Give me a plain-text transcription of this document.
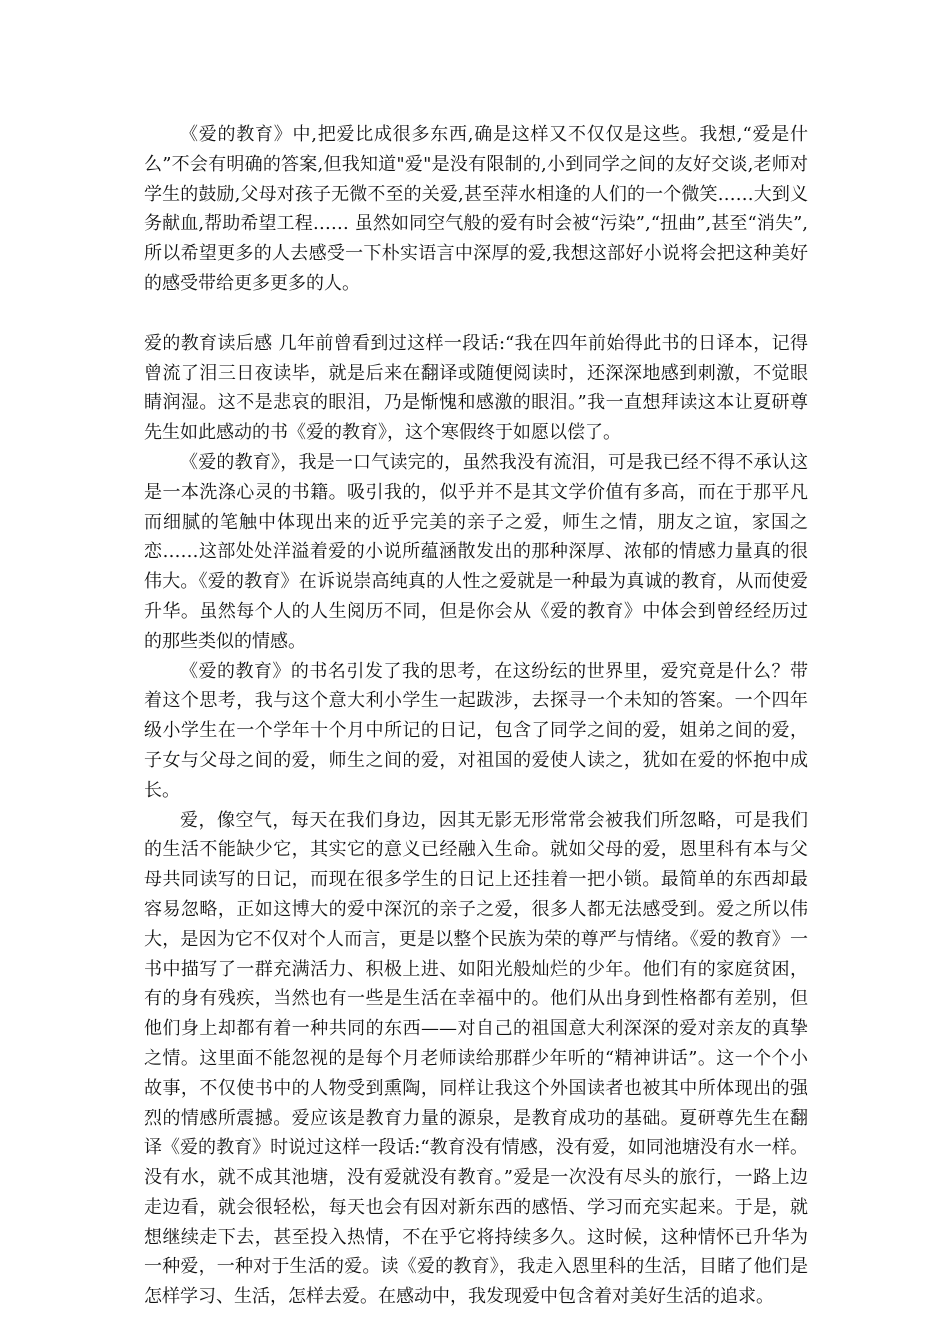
《爱的教育》中,把爱比成很多东西,确是这样又不仅仅是这些。我想,“爱是什么”不会有明确的答案,但我知道"爱"是没有限制的,小到同学之间的友好交谈,老师对学生的鼓励,父母对孩子无微不至的关爱,甚至萍水相逢的人们的一个微笑……大到义务献血,帮助希望工程…… 虽然如同空气般的爱有时会被“污染”,“扭曲”,甚至“消失”,所以希望更多的人去感受一下朴实语言中深厚的爱,我想这部好小说将会把这种美好的感受带给更多更多的人。

爱的教育读后感 几年前曾看到过这样一段话:“我在四年前始得此书的日译本，记得曾流了泪三日夜读毕，就是后来在翻译或随便阅读时，还深深地感到刺激，不觉眼睛润湿。这不是悲哀的眼泪，乃是惭愧和感激的眼泪。”我一直想拜读这本让夏研尊先生如此感动的书《爱的教育》，这个寒假终于如愿以偿了。

《爱的教育》，我是一口气读完的，虽然我没有流泪，可是我已经不得不承认这是一本洗涤心灵的书籍。吸引我的，似乎并不是其文学价值有多高，而在于那平凡而细腻的笔触中体现出来的近乎完美的亲子之爱，师生之情，朋友之谊，家国之恋……这部处处洋溢着爱的小说所蕴涵散发出的那种深厚、浓郁的情感力量真的很伟大。《爱的教育》在诉说崇高纯真的人性之爱就是一种最为真诚的教育，从而使爱升华。虽然每个人的人生阅历不同，但是你会从《爱的教育》中体会到曾经经历过的那些类似的情感。

《爱的教育》的书名引发了我的思考，在这纷纭的世界里，爱究竟是什么？带着这个思考，我与这个意大利小学生一起跋涉，去探寻一个未知的答案。一个四年级小学生在一个学年十个月中所记的日记，包含了同学之间的爱，姐弟之间的爱，子女与父母之间的爱，师生之间的爱，对祖国的爱使人读之，犹如在爱的怀抱中成长。

爱，像空气，每天在我们身边，因其无影无形常常会被我们所忽略，可是我们的生活不能缺少它，其实它的意义已经融入生命。就如父母的爱，恩里科有本与父母共同读写的日记，而现在很多学生的日记上还挂着一把小锁。最简单的东西却最容易忽略，正如这博大的爱中深沉的亲子之爱，很多人都无法感受到。爱之所以伟大，是因为它不仅对个人而言，更是以整个民族为荣的尊严与情绪。《爱的教育》一书中描写了一群充满活力、积极上进、如阳光般灿烂的少年。他们有的家庭贫困，有的身有残疾，当然也有一些是生活在幸福中的。他们从出身到性格都有差别，但他们身上却都有着一种共同的东西——对自己的祖国意大利深深的爱对亲友的真挚之情。这里面不能忽视的是每个月老师读给那群少年听的“精神讲话”。这一个个小故事，不仅使书中的人物受到熏陶，同样让我这个外国读者也被其中所体现出的强烈的情感所震撼。爱应该是教育力量的源泉，是教育成功的基础。夏研尊先生在翻译《爱的教育》时说过这样一段话:“教育没有情感，没有爱，如同池塘没有水一样。没有水，就不成其池塘，没有爱就没有教育。”爱是一次没有尽头的旅行，一路上边走边看，就会很轻松，每天也会有因对新东西的感悟、学习而充实起来。于是，就想继续走下去，甚至投入热情，不在乎它将持续多久。这时候，这种情怀已升华为一种爱，一种对于生活的爱。读《爱的教育》，我走入恩里科的生活，目睹了他们是怎样学习、生活，怎样去爱。在感动中，我发现爱中包含着对美好生活的追求。
